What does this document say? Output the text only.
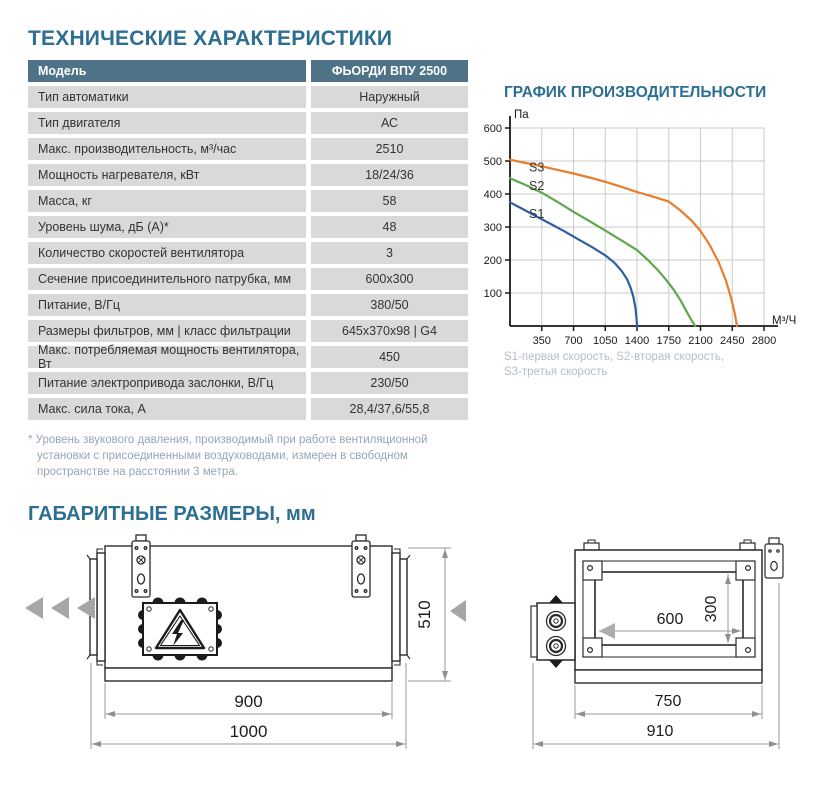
ТЕХНИЧЕСКИЕ ХАРАКТЕРИСТИКИ
Модель	ФЬОРДИ ВПУ 2500
Тип автоматики	Наружный
Тип двигателя	АС
Макс. производительность, м³/час	2510
Мощность нагревателя, кВт	18/24/36
Масса, кг	58
Уровень шума, дБ (А)*	48
Количество скоростей вентилятора	3
Сечение присоединительного патрубка, мм	600х300
Питание, В/Гц	380/50
Размеры фильтров, мм | класс фильтрации	645х370х98 | G4
Макс. потребляемая мощность вентилятора, Вт	450
Питание электропривода заслонки, В/Гц	230/50
Макс. сила тока, А	28,4/37,6/55,8
* Уровень звукового давления, производимый при работе вентиляционной установки с присоединенными воздуховодами, измерен в свободном пространстве на расстоянии 3 метра.
ГРАФИК ПРОИЗВОДИТЕЛЬНОСТИ
100
200
300
400
500
600
350 700 1050 1400 1750 2100 2450 2800
Па
М³/Ч
S1
S2
S3
S1-первая скорость, S2-вторая скорость,
S3-третья скорость
ГАБАРИТНЫЕ РАЗМЕРЫ, мм
900
1000
510	600 300
750
910
